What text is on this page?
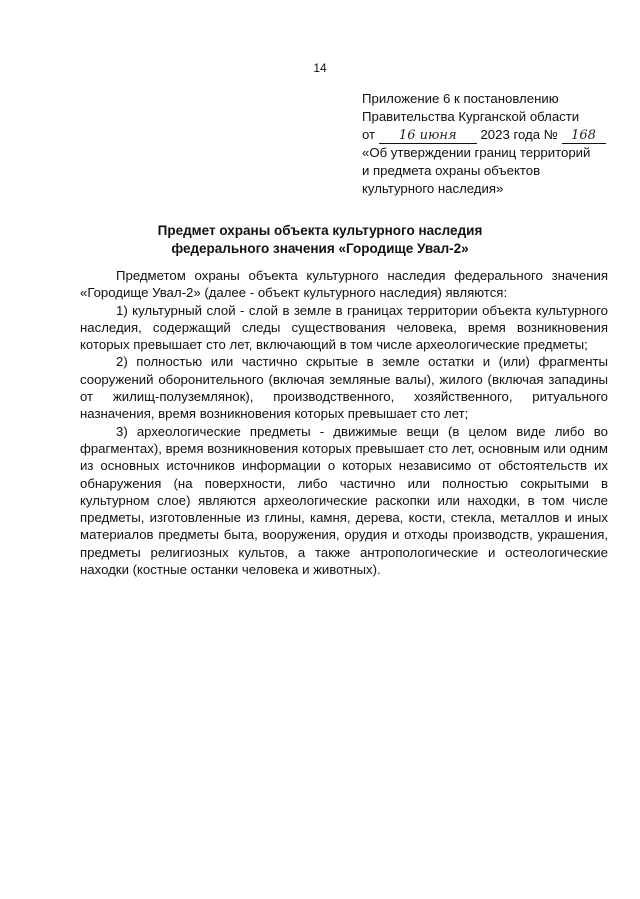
14
Приложение 6 к постановлению
Правительства Курганской области
от 16 июня 2023 года № 168
«Об утверждении границ территорий
и предмета охраны объектов
культурного наследия»
Предмет охраны объекта культурного наследия
федерального значения «Городище Увал-2»

Предметом охраны объекта культурного наследия федерального значения «Городище Увал-2» (далее - объект культурного наследия) являются:

1) культурный слой - слой в земле в границах территории объекта культурного наследия, содержащий следы существования человека, время возникновения которых превышает сто лет, включающий в том числе археологические предметы;

2) полностью или частично скрытые в земле остатки и (или) фрагменты сооружений оборонительного (включая земляные валы), жилого (включая западины от жилищ-полуземлянок), производственного, хозяйственного, ритуального назначения, время возникновения которых превышает сто лет;

3) археологические предметы - движимые вещи (в целом виде либо во фрагментах), время возникновения которых превышает сто лет, основным или одним из основных источников информации о которых независимо от обстоятельств их обнаружения (на поверхности, либо частично или полностью сокрытыми в культурном слое) являются археологические раскопки или находки, в том числе предметы, изготовленные из глины, камня, дерева, кости, стекла, металлов и иных материалов предметы быта, вооружения, орудия и отходы производств, украшения, предметы религиозных культов, а также антропологические и остеологические находки (костные останки человека и животных).
